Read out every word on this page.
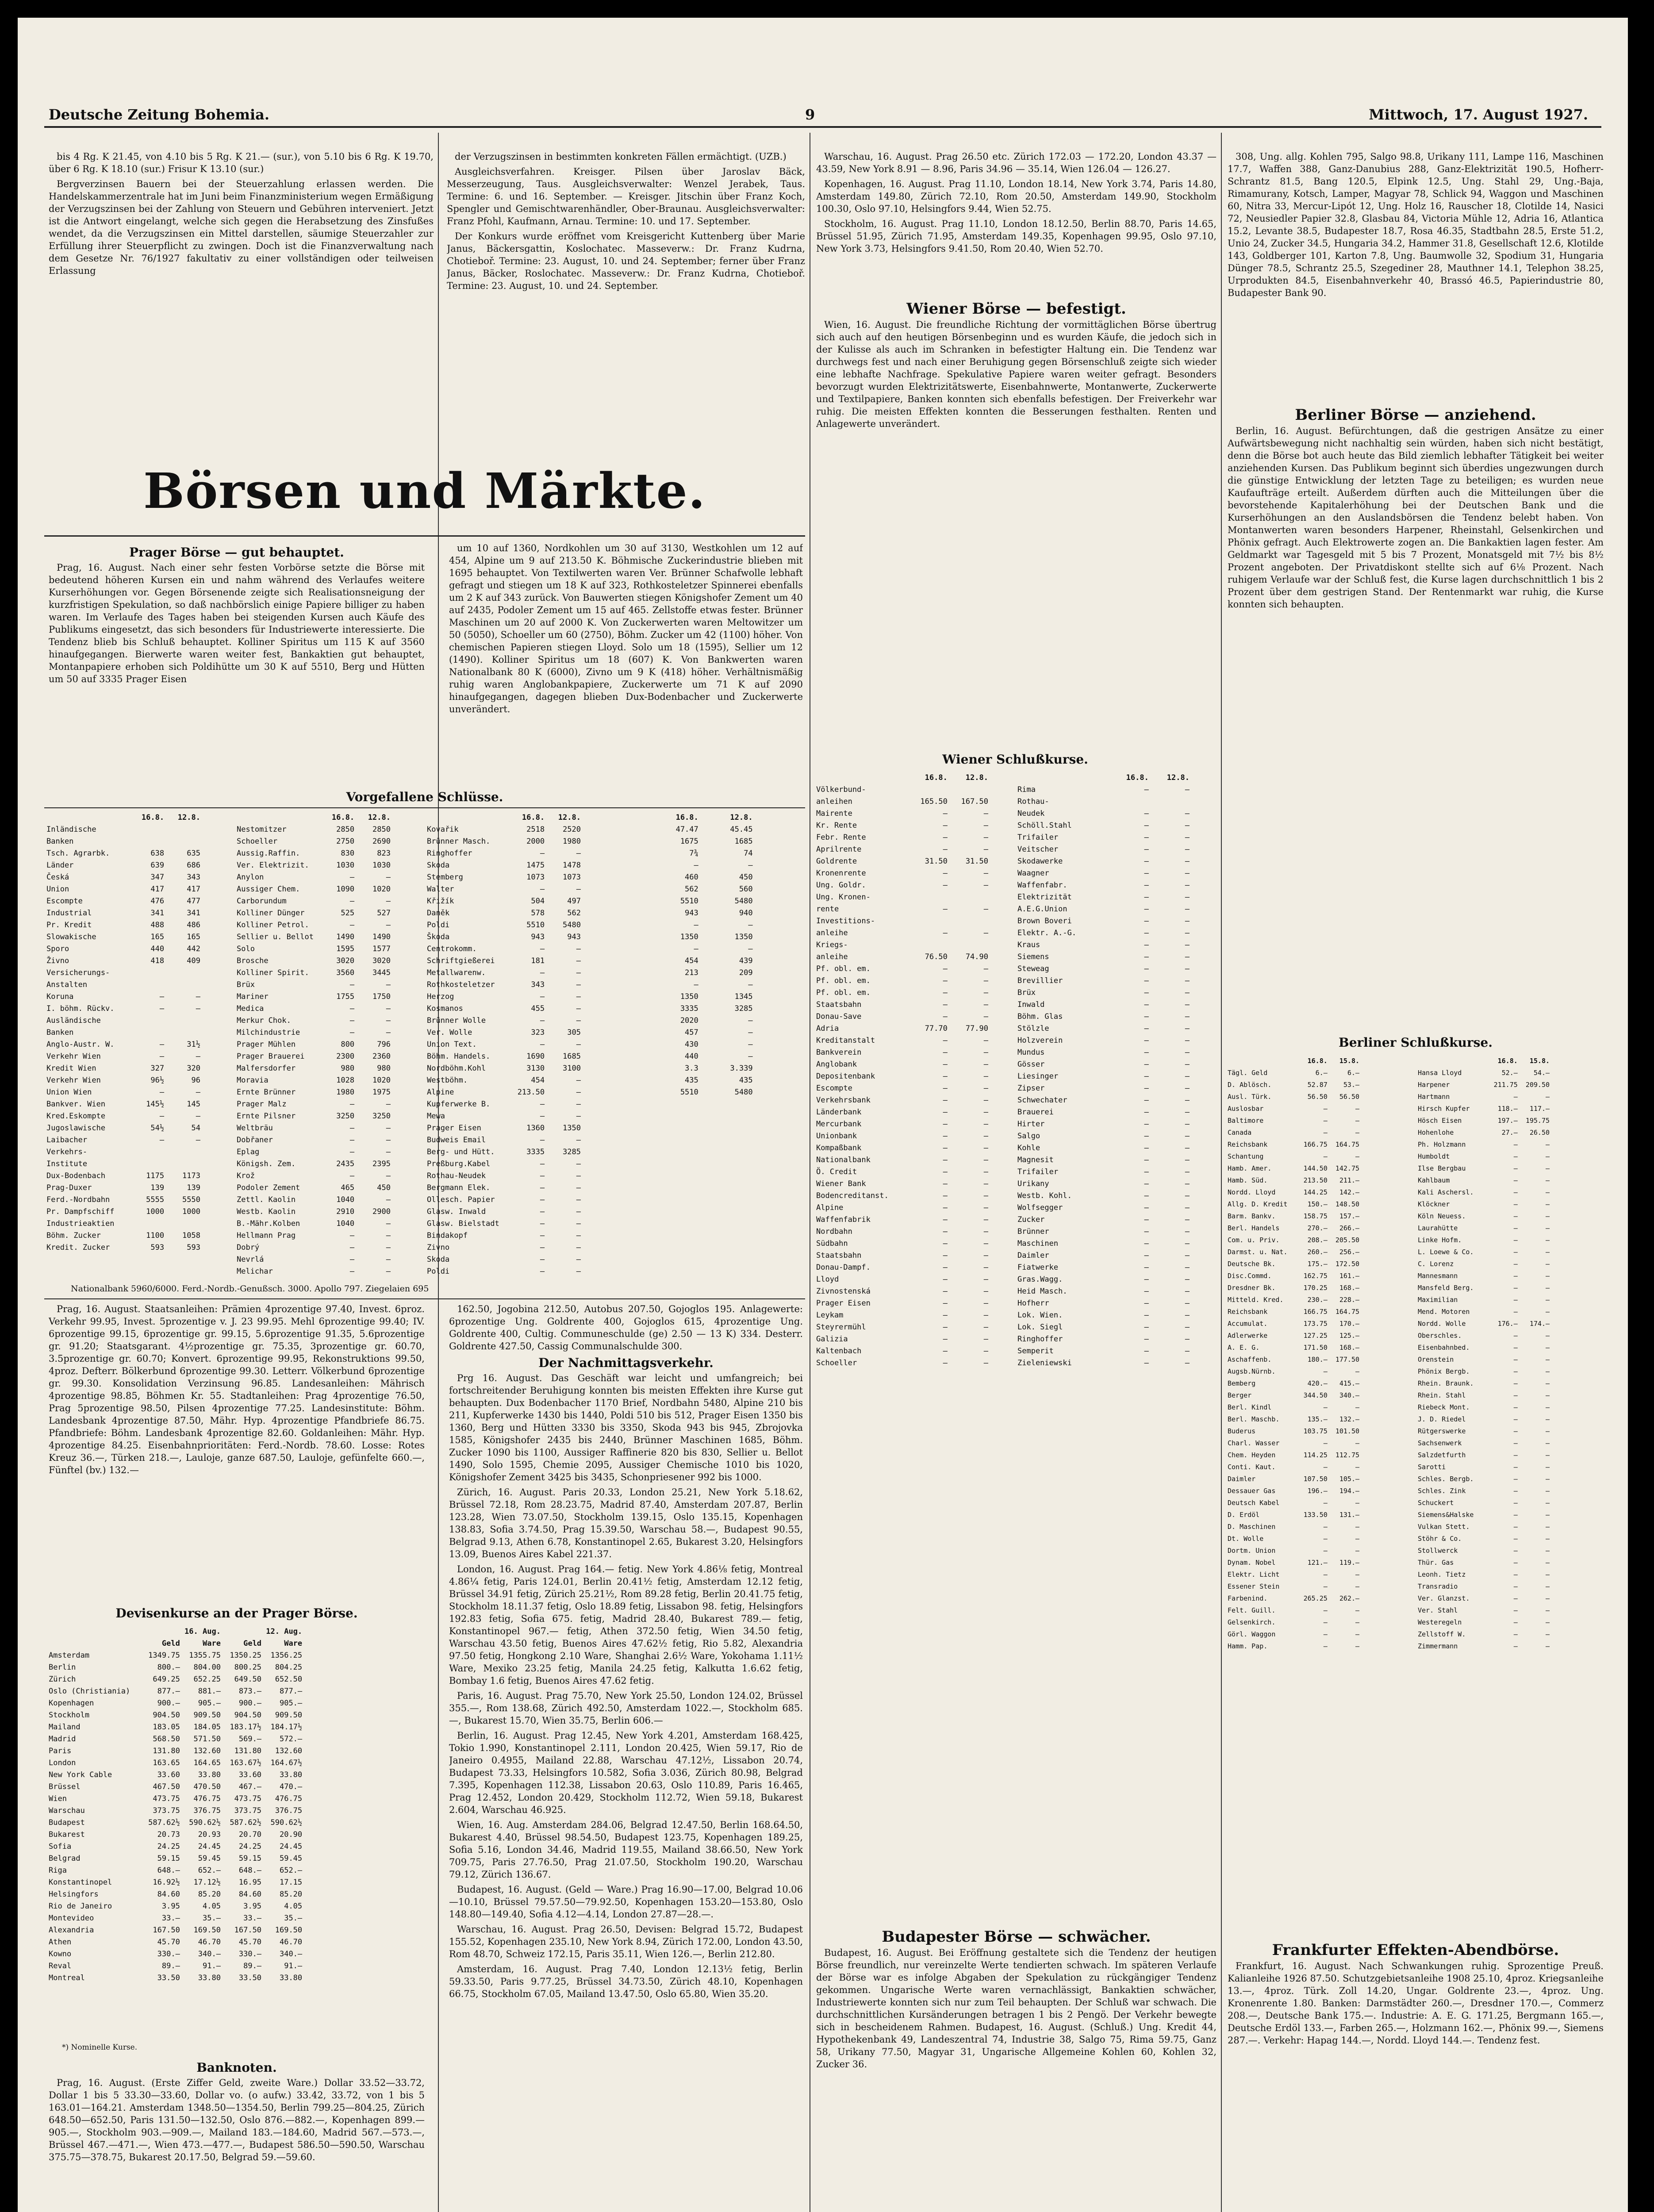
Deutsche Zeitung Bohemia.	9	Mittwoch, 17. August 1927.

bis 4 Rg. K 21.45, von 4.10 bis 5 Rg. K 21.— (sur.), von 5.10 bis 6 Rg. K 19.70, über 6 Rg. K 18.10 (sur.) Frisur K 13.10 (sur.)

Bergverzinsen Bauern bei der Steuerzahlung erlassen werden. Die Handelskammerzentrale hat im Juni beim Finanzministerium wegen Ermäßigung der Verzugszinsen bei der Zahlung von Steuern und Gebühren interveniert. Jetzt ist die Antwort eingelangt, welche sich gegen die Herabsetzung des Zinsfußes wendet, da die Verzugszinsen ein Mittel darstellen, säumige Steuerzahler zur Erfüllung ihrer Steuerpflicht zu zwingen. Doch ist die Finanzverwaltung nach dem Gesetze Nr. 76/1927 fakultativ zu einer vollständigen oder teilweisen Erlassung

der Verzugszinsen in bestimmten konkreten Fällen ermächtigt. (UZB.)

Ausgleichsverfahren. Kreisger. Pilsen über Jaroslav Bäck, Messerzeugung, Taus. Ausgleichsverwalter: Wenzel Jerabek, Taus. Termine: 6. und 16. September. — Kreisger. Jitschin über Franz Koch, Spengler und Gemischtwarenhändler, Ober-Braunau. Ausgleichsverwalter: Franz Pfohl, Kaufmann, Arnau. Termine: 10. und 17. September.

Der Konkurs wurde eröffnet vom Kreisgericht Kuttenberg über Marie Janus, Bäckersgattin, Koslochatec. Masseverw.: Dr. Franz Kudrna, Chotieboř. Termine: 23. August, 10. und 24. September; ferner über Franz Janus, Bäcker, Roslochatec. Masseverw.: Dr. Franz Kudrna, Chotieboř. Termine: 23. August, 10. und 24. September.

Börsen und Märkte.
Prager Börse — gut behauptet.

Prag, 16. August. Nach einer sehr festen Vorbörse setzte die Börse mit bedeutend höheren Kursen ein und nahm während des Verlaufes weitere Kurserhöhungen vor. Gegen Börsenende zeigte sich Realisationsneigung der kurzfristigen Spekulation, so daß nachbörslich einige Papiere billiger zu haben waren. Im Verlaufe des Tages haben bei steigenden Kursen auch Käufe des Publikums eingesetzt, das sich besonders für Industriewerte interessierte. Die Tendenz blieb bis Schluß behauptet. Kolliner Spiritus um 115 K auf 3560 hinaufgegangen. Bierwerte waren weiter fest, Bankaktien gut behauptet, Montanpapiere erhoben sich Poldihütte um 30 K auf 5510, Berg und Hütten um 50 auf 3335 Prager Eisen

um 10 auf 1360, Nordkohlen um 30 auf 3130, Westkohlen um 12 auf 454, Alpine um 9 auf 213.50 K. Böhmische Zuckerindustrie blieben mit 1695 behauptet. Von Textilwerten waren Ver. Brünner Schafwolle lebhaft gefragt und stiegen um 18 K auf 323, Rothkosteletzer Spinnerei ebenfalls um 2 K auf 343 zurück. Von Bauwerten stiegen Königshofer Zement um 40 auf 2435, Podoler Zement um 15 auf 465. Zellstoffe etwas fester. Brünner Maschinen um 20 auf 2000 K. Von Zuckerwerten waren Meltowitzer um 50 (5050), Schoeller um 60 (2750), Böhm. Zucker um 42 (1100) höher. Von chemischen Papieren stiegen Lloyd. Solo um 18 (1595), Sellier um 12 (1490). Kolliner Spiritus um 18 (607) K. Von Bankwerten waren Nationalbank 80 K (6000), Zivno um 9 K (418) höher. Verhältnismäßig ruhig waren Anglobankpapiere, Zuckerwerte um 71 K auf 2090 hinaufgegangen, dagegen blieben Dux-Bodenbacher und Zuckerwerte unverändert.

Vorgefallene Schlüsse.
16.8.   12.8.
Inländische
Banken
Tsch. Agrarbk.         638     635
Länder                 639     686
Česká                  347     343
Union                  417     417
Escompte               476     477
Industrial             341     341
Pr. Kredit             488     486
Slowakische            165     165
Sporo                  440     442
Živno                  418     409
Versicherungs-
Anstalten
Koruna                   —       —
I. böhm. Rückv.          —       —
Ausländische
Banken
Anglo-Austr. W.          —     31½
Verkehr Wien             —       —
Kredit Wien            327     320
Verkehr Wien           96½      96
Union Wien               —       —
Bankver. Wien         145½     145
Kred.Eskompte            —       —
Jugoslawische          54½      54
Laibacher                —       —
Verkehrs-
Institute
Dux-Bodenbach         1175    1173
Prag-Duxer             139     139
Ferd.-Nordbahn        5555    5550
Pr. Dampfschiff       1000    1000
Industrieaktien
Böhm. Zucker          1100    1058
Kredit. Zucker         593     593
16.8.   12.8.
Nestomitzer           2850    2850
Schoeller             2750    2690
Aussig.Raffin.         830     823
Ver. Elektrizit.      1030    1030
Anylon                   —       —
Aussiger Chem.        1090    1020
Carborundum              —       —
Kolliner Dünger        525     527
Kolliner Petrol.         —       —
Sellier u. Bellot     1490    1490
Solo                  1595    1577
Brosche               3020    3020
Kolliner Spirit.      3560    3445
Brüx                     —       —
Mariner               1755    1750
Medica                   —       —
Merkur Chok.             —       —
Milchindustrie           —       —
Prager Mühlen          800     796
Prager Brauerei       2300    2360
Malfersdorfer          980     980
Moravia               1028    1020
Ernte Brünner         1980    1975
Prager Malz              —       —
Ernte Pilsner         3250    3250
Weltbräu                 —       —
Dobřaner                 —       —
Eplag                    —       —
Königsh. Zem.         2435    2395
Krož                     —       —
Podoler Zement         465     450
Zettl. Kaolin         1040       —
Westb. Kaolin         2910    2900
B.-Mähr.Kolben        1040       —
Hellmann Prag            —       —
Dobrý                    —       —
Nevrlá                   —       —
Melichar                 —       —
16.8.   12.8.
Kovařik               2518    2520
Brünner Masch.        2000    1980
Ringhoffer               —       —
Skoda                 1475    1478
Stemberg              1073    1073
Walter                   —       —
Křižík                 504     497
Daněk                  578     562
Poldi                 5510    5480
Škoda                  943     943
Centrokomm.              —       —
Schriftgießerei        181       —
Metallwarenw.            —       —
Rothkosteletzer        343       —
Herzog                   —       —
Kosmanos               455       —
Brünner Wolle            —       —
Ver. Wolle             323     305
Union Text.              —       —
Böhm. Handels.        1690    1685
Nordböhm.Kohl         3130    3100
Westböhm.              454       —
Alpine              213.50       —
Kupferwerke B.           —       —
Mewa                     —       —
Prager Eisen          1360    1350
Budweis Email            —       —
Berg- und Hütt.       3335    3285
Preßburg.Kabel           —       —
Rothau-Neudek            —       —
Bergmann Elek.           —       —
Ollesch. Papier          —       —
Glasw. Inwald            —       —
Glasw. Bielstadt         —       —
Bindakopf                —       —
Zivno                    —       —
Skoda                    —       —
Poldi                    —       —
16.8.       12.8.
47.47       45.45
1675        1685
7¾          74
—           —
460         450
562         560
5510        5480
943         940
—           —
1350        1350
—           —
454         439
213         209
—           —
1350        1345
3335        3285
2020           —
457           —
430           —
440           —
3.3       3.339
435         435
5510        5480
Nationalbank 5960/6000. Ferd.-Nordb.-Genußsch. 3000. Apollo 797. Ziegelaien 695

Prag, 16. August. Staatsanleihen: Prämien 4prozentige 97.40, Invest. 6proz. Verkehr 99.95, Invest. 5prozentige v. J. 23 99.95. Mehl 6prozentige 99.40; IV. 6prozentige 99.15, 6prozentige gr. 99.15, 5.6prozentige 91.35, 5.6prozentige gr. 91.20; Staatsgarant. 4½prozentige gr. 75.35, 3prozentige gr. 60.70, 3.5prozentige gr. 60.70; Konvert. 6prozentige 99.95, Rekonstruktions 99.50, 4proz. Defterr. Bölkerbund 6prozentige 99.30. Letterr. Völkerbund 6prozentige gr. 99.30. Konsolidation Verzinsung 96.85. Landesanleihen: Mährisch 4prozentige 98.85, Böhmen Kr. 55. Stadtanleihen: Prag 4prozentige 76.50, Prag 5prozentige 98.50, Pilsen 4prozentige 77.25. Landesinstitute: Böhm. Landesbank 4prozentige 87.50, Mähr. Hyp. 4prozentige Pfandbriefe 86.75. Pfandbriefe: Böhm. Landesbank 4prozentige 82.60. Goldanleihen: Mähr. Hyp. 4prozentige 84.25. Eisenbahnprioritäten: Ferd.-Nordb. 78.60. Losse: Rotes Kreuz 36.—, Türken 218.—, Lauloje, ganze 687.50, Lauloje, gefünfelte 660.—, Fünftel (bv.) 132.—

Devisenkurse an der Prager Börse.
16. Aug.          12. Aug.
Geld     Ware     Geld     Ware
Amsterdam             1349.75  1355.75  1350.25  1356.25
Berlin                  800.—   804.00   800.25   804.25
Zürich                 649.25   652.25   649.50   652.50
Oslo (Christiania)      877.—    881.—    873.—    877.—
Kopenhagen              900.—    905.—    900.—    905.—
Stockholm              904.50   909.50   904.50   909.50
Mailand                183.05   184.05  183.17½  184.17½
Madrid                 568.50   571.50    569.—    572.—
Paris                  131.80   132.60   131.80   132.60
London                 163.65   164.65  163.67½  164.67½
New York Cable          33.60    33.80    33.60    33.80
Brüssel                467.50   470.50    467.—    470.—
Wien                   473.75   476.75   473.75   476.75
Warschau               373.75   376.75   373.75   376.75
Budapest              587.62½  590.62½  587.62½  590.62½
Bukarest                20.73    20.93    20.70    20.90
Sofia                   24.25    24.45    24.25    24.45
Belgrad                 59.15    59.45    59.15    59.45
Riga                    648.—    652.—    648.—    652.—
Konstantinopel         16.92½   17.12½    16.95    17.15
Helsingfors             84.60    85.20    84.60    85.20
Rio de Janeiro           3.95     4.05     3.95     4.05
Montevideo               33.—     35.—     33.—     35.—
Alexandria             167.50   169.50   167.50   169.50
Athen                   45.70    46.70    45.70    46.70
Kowno                   330.—    340.—    330.—    340.—
Reval                    89.—     91.—     89.—     91.—
Montreal                33.50    33.80    33.50    33.80
*) Nominelle Kurse.
Banknoten.

Prag, 16. August. (Erste Ziffer Geld, zweite Ware.) Dollar 33.52—33.72, Dollar 1 bis 5 33.30—33.60, Dollar vo. (o aufw.) 33.42, 33.72, von 1 bis 5 163.01—164.21. Amsterdam 1348.50—1354.50, Berlin 799.25—804.25, Zürich 648.50—652.50, Paris 131.50—132.50, Oslo 876.—882.—, Kopenhagen 899.—905.—, Stockholm 903.—909.—, Mailand 183.—184.60, Madrid 567.—573.—, Brüssel 467.—471.—, Wien 473.—477.—, Budapest 586.50—590.50, Warschau 375.75—378.75, Bukarest 20.17.50, Belgrad 59.—59.60.

162.50, Jogobina 212.50, Autobus 207.50, Gojoglos 195. Anlagewerte: 6prozentige Ung. Goldrente 400, Gojoglos 615, 4prozentige Ung. Goldrente 400, Cultig. Communeschulde (ge) 2.50 — 13 K) 334. Desterr. Goldrente 427.50, Cassig Communalschulde 300.

Der Nachmittagsverkehr.

Prg 16. August. Das Geschäft war leicht und umfangreich; bei fortschreitender Beruhigung konnten bis meisten Effekten ihre Kurse gut behaupten. Dux Bodenbacher 1170 Brief, Nordbahn 5480, Alpine 210 bis 211, Kupferwerke 1430 bis 1440, Poldi 510 bis 512, Prager Eisen 1350 bis 1360, Berg und Hütten 3330 bis 3350, Skoda 943 bis 945, Zbrojovka 1585, Königshofer 2435 bis 2440, Brünner Maschinen 1685, Böhm. Zucker 1090 bis 1100, Aussiger Raffinerie 820 bis 830, Sellier u. Bellot 1490, Solo 1595, Chemie 2095, Aussiger Chemische 1010 bis 1020, Königshofer Zement 3425 bis 3435, Schonpriesener 992 bis 1000.

Zürich, 16. August. Paris 20.33, London 25.21, New York 5.18.62, Brüssel 72.18, Rom 28.23.75, Madrid 87.40, Amsterdam 207.87, Berlin 123.28, Wien 73.07.50, Stockholm 139.15, Oslo 135.15, Kopenhagen 138.83, Sofia 3.74.50, Prag 15.39.50, Warschau 58.—, Budapest 90.55, Belgrad 9.13, Athen 6.78, Konstantinopel 2.65, Bukarest 3.20, Helsingfors 13.09, Buenos Aires Kabel 221.37.

London, 16. August. Prag 164.— fetig. New York 4.86⅛ fetig, Montreal 4.86¼ fetig, Paris 124.01, Berlin 20.41½ fetig, Amsterdam 12.12 fetig, Brüssel 34.91 fetig, Zürich 25.21½, Rom 89.28 fetig, Berlin 20.41.75 fetig, Stockholm 18.11.37 fetig, Oslo 18.89 fetig, Lissabon 98. fetig, Helsingfors 192.83 fetig, Sofia 675. fetig, Madrid 28.40, Bukarest 789.— fetig, Konstantinopel 967.— fetig, Athen 372.50 fetig, Wien 34.50 fetig, Warschau 43.50 fetig, Buenos Aires 47.62½ fetig, Rio 5.82, Alexandria 97.50 fetig, Hongkong 2.10 Ware, Shanghai 2.6½ Ware, Yokohama 1.11½ Ware, Mexiko 23.25 fetig, Manila 24.25 fetig, Kalkutta 1.6.62 fetig, Bombay 1.6 fetig, Buenos Aires 47.62 fetig.

Paris, 16. August. Prag 75.70, New York 25.50, London 124.02, Brüssel 355.—, Rom 138.68, Zürich 492.50, Amsterdam 1022.—, Stockholm 685.—, Bukarest 15.70, Wien 35.75, Berlin 606.—

Berlin, 16. August. Prag 12.45, New York 4.201, Amsterdam 168.425, Tokio 1.990, Konstantinopel 2.111, London 20.425, Wien 59.17, Rio de Janeiro 0.4955, Mailand 22.88, Warschau 47.12½, Lissabon 20.74, Budapest 73.33, Helsingfors 10.582, Sofia 3.036, Zürich 80.98, Belgrad 7.395, Kopenhagen 112.38, Lissabon 20.63, Oslo 110.89, Paris 16.465, Prag 12.452, London 20.429, Stockholm 112.72, Wien 59.18, Bukarest 2.604, Warschau 46.925.

Wien, 16. Aug. Amsterdam 284.06, Belgrad 12.47.50, Berlin 168.64.50, Bukarest 4.40, Brüssel 98.54.50, Budapest 123.75, Kopenhagen 189.25, Sofia 5.16, London 34.46, Madrid 119.55, Mailand 38.66.50, New York 709.75, Paris 27.76.50, Prag 21.07.50, Stockholm 190.20, Warschau 79.12, Zürich 136.67.

Budapest, 16. August. (Geld — Ware.) Prag 16.90—17.00, Belgrad 10.06—10.10, Brüssel 79.57.50—79.92.50, Kopenhagen 153.20—153.80, Oslo 148.80—149.40, Sofia 4.12—4.14, London 27.87—28.—.

Warschau, 16. August. Prag 26.50, Devisen: Belgrad 15.72, Budapest 155.52, Kopenhagen 235.10, New York 8.94, Zürich 172.00, London 43.50, Rom 48.70, Schweiz 172.15, Paris 35.11, Wien 126.—, Berlin 212.80.

Amsterdam, 16. August. Prag 7.40, London 12.13½ fetig, Berlin 59.33.50, Paris 9.77.25, Brüssel 34.73.50, Zürich 48.10, Kopenhagen 66.75, Stockholm 67.05, Mailand 13.47.50, Oslo 65.80, Wien 35.20.

Warschau, 16. August. Prag 26.50 etc. Zürich 172.03 — 172.20, London 43.37 — 43.59, New York 8.91 — 8.96, Paris 34.96 — 35.14, Wien 126.04 — 126.27.

Kopenhagen, 16. August. Prag 11.10, London 18.14, New York 3.74, Paris 14.80, Amsterdam 149.80, Zürich 72.10, Rom 20.50, Amsterdam 149.90, Stockholm 100.30, Oslo 97.10, Helsingfors 9.44, Wien 52.75.

Stockholm, 16. August. Prag 11.10, London 18.12.50, Berlin 88.70, Paris 14.65, Brüssel 51.95, Zürich 71.95, Amsterdam 149.35, Kopenhagen 99.95, Oslo 97.10, New York 3.73, Helsingfors 9.41.50, Rom 20.40, Wien 52.70.

Wiener Börse — befestigt.

Wien, 16. August. Die freundliche Richtung der vormittäglichen Börse übertrug sich auch auf den heutigen Börsenbeginn und es wurden Käufe, die jedoch sich in der Kulisse als auch im Schranken in befestigter Haltung ein. Die Tendenz war durchwegs fest und nach einer Beruhigung gegen Börsenschluß zeigte sich wieder eine lebhafte Nachfrage. Spekulative Papiere waren weiter gefragt. Besonders bevorzugt wurden Elektrizitätswerte, Eisenbahnwerte, Montanwerte, Zuckerwerte und Textilpapiere, Banken konnten sich ebenfalls befestigen. Der Freiverkehr war ruhig. Die meisten Effekten konnten die Besserungen festhalten. Renten und Anlagewerte unverändert.

Wiener Schlußkurse.
16.8.    12.8.
Völkerbund-
anleihen               165.50   167.50
Mairente                    —        —
Kr. Rente                   —        —
Febr. Rente                 —        —
Aprilrente                  —        —
Goldrente               31.50    31.50
Kronenrente                 —        —
Ung. Goldr.                 —        —
Ung. Kronen-
rente                       —        —
Investitions-
anleihe                     —        —
Kriegs-
anleihe                 76.50    74.90
Pf. obl. em.                —        —
Pf. obl. em.                —        —
Pf. obl. em.                —        —
Staatsbahn                  —        —
Donau-Save                  —        —
Adria                   77.70    77.90
Kreditanstalt               —        —
Bankverein                  —        —
Anglobank                   —        —
Depositenbank               —        —
Escompte                    —        —
Verkehrsbank                —        —
Länderbank                  —        —
Mercurbank                  —        —
Unionbank                   —        —
Kompaßbank                  —        —
Nationalbank                —        —
Ö. Credit                   —        —
Wiener Bank                 —        —
Bodencreditanst.            —        —
Alpine                      —        —
Waffenfabrik                —        —
Nordbahn                    —        —
Südbahn                     —        —
Staatsbahn                  —        —
Donau-Dampf.                —        —
Lloyd                       —        —
Zivnostenská                —        —
Prager Eisen                —        —
Leykam                      —        —
Steyrermühl                 —        —
Galizia                     —        —
Kaltenbach                  —        —
Schoeller                   —        —
16.8.    12.8.
Rima                        —        —
Rothau-
Neudek                      —        —
Schöll.Stahl                —        —
Trifailer                   —        —
Veitscher                   —        —
Skodawerke                  —        —
Waagner                     —        —
Waffenfabr.                 —        —
Elektrizität                —        —
A.E.G.Union                 —        —
Brown Boveri                —        —
Elektr. A.-G.               —        —
Kraus                       —        —
Siemens                     —        —
Steweag                     —        —
Brevillier                  —        —
Brüx                        —        —
Inwald                      —        —
Böhm. Glas                  —        —
Stölzle                     —        —
Holzverein                  —        —
Mundus                      —        —
Gösser                      —        —
Liesinger                   —        —
Zipser                      —        —
Schwechater                 —        —
Brauerei                    —        —
Hirter                      —        —
Salgo                       —        —
Kohle                       —        —
Magnesit                    —        —
Trifailer                   —        —
Urikany                     —        —
Westb. Kohl.                —        —
Wolfsegger                  —        —
Zucker                      —        —
Brünner                     —        —
Maschinen                   —        —
Daimler                     —        —
Fiatwerke                   —        —
Gras.Wagg.                  —        —
Heid Masch.                 —        —
Hofherr                     —        —
Lok. Wien.                  —        —
Lok. Siegl                  —        —
Ringhoffer                  —        —
Semperit                    —        —
Zieleniewski                —        —
Budapester Börse — schwächer.

Budapest, 16. August. Bei Eröffnung gestaltete sich die Tendenz der heutigen Börse freundlich, nur vereinzelte Werte tendierten schwach. Im späteren Verlaufe der Börse war es infolge Abgaben der Spekulation zu rückgängiger Tendenz gekommen. Ungarische Werte waren vernachlässigt, Bankaktien schwächer, Industriewerte konnten sich nur zum Teil behaupten. Der Schluß war schwach. Die durchschnittlichen Kursänderungen betragen 1 bis 2 Pengö. Der Verkehr bewegte sich in bescheidenem Rahmen. Budapest, 16. August. (Schluß.) Ung. Kredit 44, Hypothekenbank 49, Landeszentral 74, Industrie 38, Salgo 75, Rima 59.75, Ganz 58, Urikany 77.50, Magyar 31, Ungarische Allgemeine Kohlen 60, Kohlen 32, Zucker 36.

308, Ung. allg. Kohlen 795, Salgo 98.8, Urikany 111, Lampe 116, Maschinen 17.7, Waffen 388, Ganz-Danubius 288, Ganz-Elektrizität 190.5, Hofherr-Schrantz 81.5, Bang 120.5, Elpink 12.5, Ung. Stahl 29, Ung.-Baja, Rimamurany, Kotsch, Lamper, Magyar 78, Schlick 94, Waggon und Maschinen 60, Nitra 33, Mercur-Lipót 12, Ung. Holz 16, Rauscher 18, Clotilde 14, Nasici 72, Neusiedler Papier 32.8, Glasbau 84, Victoria Mühle 12, Adria 16, Atlantica 15.2, Levante 38.5, Budapester 18.7, Rosa 46.35, Stadtbahn 28.5, Erste 51.2, Unio 24, Zucker 34.5, Hungaria 34.2, Hammer 31.8, Gesellschaft 12.6, Klotilde 143, Goldberger 101, Karton 7.8, Ung. Baumwolle 32, Spodium 31, Hungaria Dünger 78.5, Schrantz 25.5, Szegediner 28, Mauthner 14.1, Telephon 38.25, Urprodukten 84.5, Eisenbahnverkehr 40, Brassó 46.5, Papierindustrie 80, Budapester Bank 90.

Berliner Börse — anziehend.

Berlin, 16. August. Befürchtungen, daß die gestrigen Ansätze zu einer Aufwärtsbewegung nicht nachhaltig sein würden, haben sich nicht bestätigt, denn die Börse bot auch heute das Bild ziemlich lebhafter Tätigkeit bei weiter anziehenden Kursen. Das Publikum beginnt sich überdies ungezwungen durch die günstige Entwicklung der letzten Tage zu beteiligen; es wurden neue Kaufaufträge erteilt. Außerdem dürften auch die Mitteilungen über die bevorstehende Kapitalerhöhung bei der Deutschen Bank und die Kurserhöhungen an den Auslandsbörsen die Tendenz belebt haben. Von Montanwerten waren besonders Harpener, Rheinstahl, Gelsenkirchen und Phönix gefragt. Auch Elektrowerte zogen an. Die Bankaktien lagen fester. Am Geldmarkt war Tagesgeld mit 5 bis 7 Prozent, Monatsgeld mit 7½ bis 8½ Prozent angeboten. Der Privatdiskont stellte sich auf 6⅛ Prozent. Nach ruhigem Verlaufe war der Schluß fest, die Kurse lagen durchschnittlich 1 bis 2 Prozent über dem gestrigen Stand. Der Rentenmarkt war ruhig, die Kurse konnten sich behaupten.

Berliner Schlußkurse.
16.8.   15.8.
Tägl. Geld            6.—     6.—
D. Ablösch.         52.87    53.—
Ausl. Türk.         56.50   56.50
Auslosbar               —       —
Baltimore               —       —
Canada                  —       —
Reichsbank         166.75  164.75
Schantung               —       —
Hamb. Amer.        144.50  142.75
Hamb. Süd.         213.50   211.—
Nordd. Lloyd       144.25   142.—
Allg. D. Kredit     150.—  148.50
Barm. Bankv.       158.75   157.—
Berl. Handels       270.—   266.—
Com. u. Priv.       208.—  205.50
Darmst. u. Nat.     260.—   256.—
Deutsche Bk.        175.—  172.50
Disc.Commd.        162.75   161.—
Dresdner Bk.       170.25   168.—
Mitteld. Kred.      230.—   228.—
Reichsbank         166.75  164.75
Accumulat.         173.75   170.—
Adlerwerke         127.25   125.—
A. E. G.           171.50   168.—
Aschaffenb.         180.—  177.50
Augsb.Nürnb.            —       —
Bemberg             420.—   415.—
Berger             344.50   340.—
Berl. Kindl             —       —
Berl. Maschb.       135.—   132.—
Buderus            103.75  101.50
Charl. Wasser           —       —
Chem. Heyden       114.25  112.75
Conti. Kaut.            —       —
Daimler            107.50   105.—
Dessauer Gas        196.—   194.—
Deutsch Kabel           —       —
D. Erdöl           133.50   131.—
D. Maschinen            —       —
Dt. Wolle               —       —
Dortm. Union            —       —
Dynam. Nobel        121.—   119.—
Elektr. Licht           —       —
Essener Stein           —       —
Farbenind.         265.25   262.—
Felt. Guill.            —       —
Gelsenkirch.            —       —
Görl. Waggon            —       —
Hamm. Pap.              —       —
16.8.   15.8.
Hansa Lloyd          52.—    54.—
Harpener           211.75  209.50
Hartmann                —       —
Hirsch Kupfer       118.—   117.—
Hösch Eisen         197.—  195.75
Hohenlohe            27.—   26.50
Ph. Holzmann            —       —
Humboldt                —       —
Ilse Bergbau            —       —
Kahlbaum                —       —
Kali Aschersl.          —       —
Klöckner                —       —
Köln Neuess.            —       —
Laurahütte              —       —
Linke Hofm.             —       —
L. Loewe & Co.          —       —
C. Lorenz               —       —
Mannesmann              —       —
Mansfeld Berg.          —       —
Maximilian              —       —
Mend. Motoren           —       —
Nordd. Wolle        176.—   174.—
Oberschles.             —       —
Eisenbahnbed.           —       —
Orenstein               —       —
Phönix Bergb.           —       —
Rhein. Braunk.          —       —
Rhein. Stahl            —       —
Riebeck Mont.           —       —
J. D. Riedel            —       —
Rütgerswerke            —       —
Sachsenwerk             —       —
Salzdetfurth            —       —
Sarotti                 —       —
Schles. Bergb.          —       —
Schles. Zink            —       —
Schuckert               —       —
Siemens&Halske          —       —
Vulkan Stett.           —       —
Stöhr & Co.             —       —
Stollwerck              —       —
Thür. Gas               —       —
Leonh. Tietz            —       —
Transradio              —       —
Ver. Glanzst.           —       —
Ver. Stahl              —       —
Westeregeln             —       —
Zellstoff W.            —       —
Zimmermann              —       —
Frankfurter Effekten-Abendbörse.

Frankfurt, 16. August. Nach Schwankungen ruhig. Sprozentige Preuß. Kalianleihe 1926 87.50. Schutzgebietsanleihe 1908 25.10, 4proz. Kriegsanleihe 13.—, 4proz. Türk. Zoll 14.20, Ungar. Goldrente 23.—, 4proz. Ung. Kronenrente 1.80. Banken: Darmstädter 260.—, Dresdner 170.—, Commerz 208.—, Deutsche Bank 175.—. Industrie: A. E. G. 171.25, Bergmann 165.—, Deutsche Erdöl 133.—, Farben 265.—, Holzmann 162.—, Phönix 99.—, Siemens 287.—. Verkehr: Hapag 144.—, Nordd. Lloyd 144.—. Tendenz fest.
